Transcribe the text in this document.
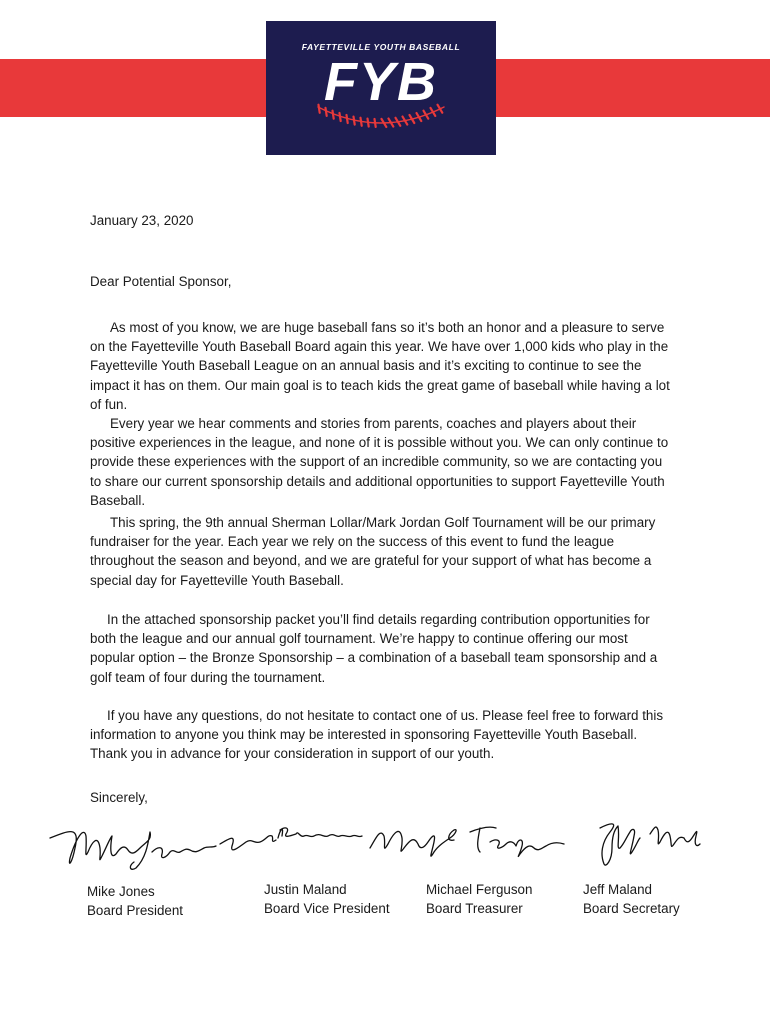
FAYETTEVILLE YOUTH BASEBALL
FYB
January 23, 2020
Dear Potential Sponsor,

As most of you know, we are huge baseball fans so it’s both an honor and a pleasure to serve on the Fayetteville Youth Baseball Board again this year. We have over 1,000 kids who play in the Fayetteville Youth Baseball League on an annual basis and it’s exciting to continue to see the impact it has on them. Our main goal is to teach kids the great game of baseball while having a lot of fun.

Every year we hear comments and stories from parents, coaches and players about their positive experiences in the league, and none of it is possible without you. We can only continue to provide these experiences with the support of an incredible community, so we are contacting you to share our current sponsorship details and additional opportunities to support Fayetteville Youth Baseball.

This spring, the 9th annual Sherman Lollar/Mark Jordan Golf Tournament will be our primary fundraiser for the year. Each year we rely on the success of this event to fund the league throughout the season and beyond, and we are grateful for your support of what has become a special day for Fayetteville Youth Baseball.

In the attached sponsorship packet you’ll find details regarding contribution opportunities for both the league and our annual golf tournament. We’re happy to continue offering our most popular option – the Bronze Sponsorship – a combination of a baseball team sponsorship and a golf team of four during the tournament.

If you have any questions, do not hesitate to contact one of us. Please feel free to forward this information to anyone you think may be interested in sponsoring Fayetteville Youth Baseball. Thank you in advance for your consideration in support of our youth.

Sincerely,
Mike Jones
Board President
Justin Maland
Board Vice President
Michael Ferguson
Board Treasurer
Jeff Maland
Board Secretary
